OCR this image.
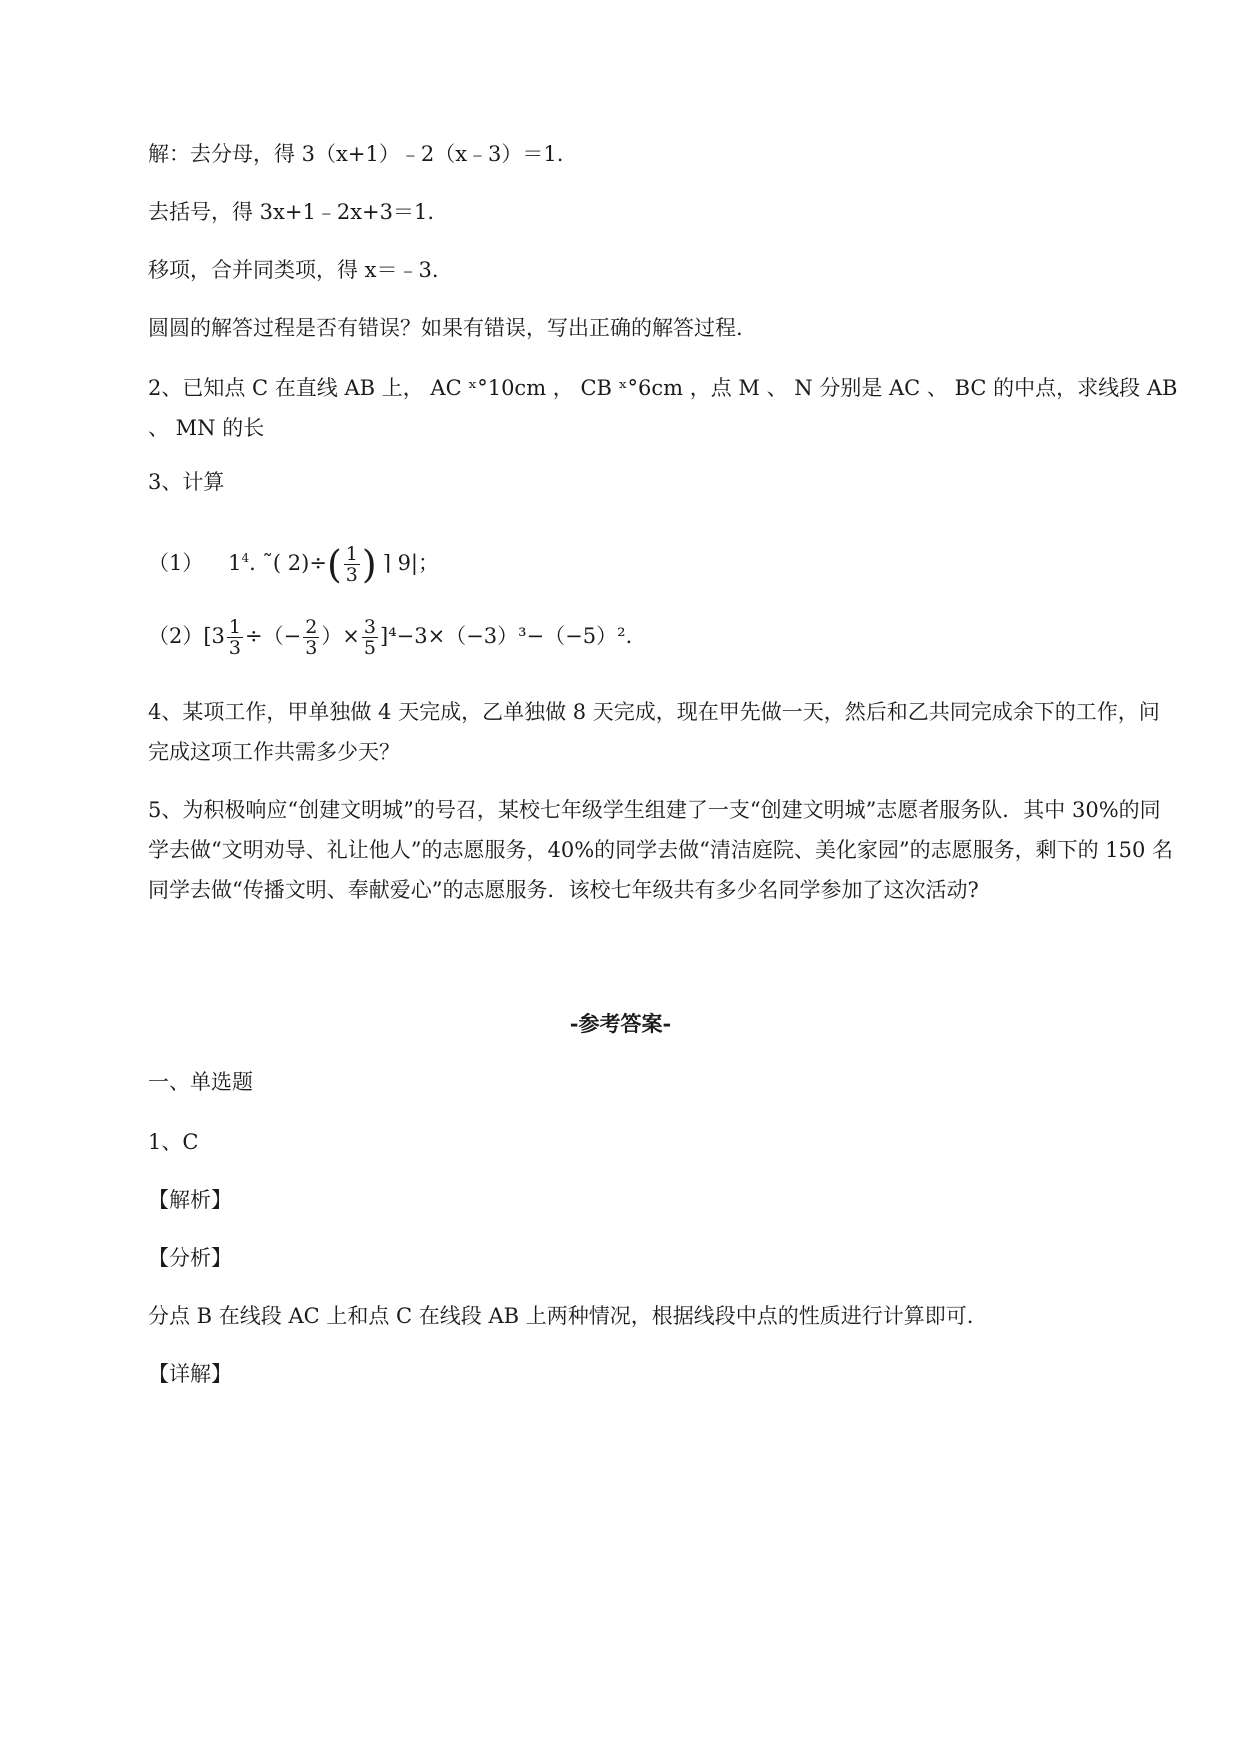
解：去分母，得 3（x+1）﹣2（x﹣3）＝1.
去括号，得 3x+1﹣2x+3＝1.
移项，合并同类项，得 x＝﹣3.
圆圆的解答过程是否有错误？如果有错误，写出正确的解答过程.
2、已知点 C 在直线 AB 上， AC ˣ°10cm ， CB ˣ°6cm ，点 M 、 N 分别是 AC 、 BC 的中点，求线段 AB 、 MN 的长
3、计算
（1） $1^4$. ˜( $2)\div( \frac{1}{3}$ ) ⌉ 9|；
$(2)[3 \frac{1}{3}$ ÷（− $\frac{2}{3}$ ）× $\frac{3}{5} ]^4-3\times(-3)^3-(-5)^2$.
4、某项工作，甲单独做 4 天完成，乙单独做 8 天完成，现在甲先做一天，然后和乙共同完成余下的工作，问完成这项工作共需多少天？
5、为积极响应“创建文明城”的号召，某校七年级学生组建了一支“创建文明城”志愿者服务队．其中 30%的同学去做“文明劝导、礼让他人”的志愿服务，40%的同学去做“清洁庭院、美化家园”的志愿服务，剩下的 150 名同学去做“传播文明、奉献爱心”的志愿服务．该校七年级共有多少名同学参加了这次活动?
-参考答案-
一、单选题
1、C
【解析】
【分析】
分点 B 在线段 AC 上和点 C 在线段 AB 上两种情况，根据线段中点的性质进行计算即可.
【详解】
